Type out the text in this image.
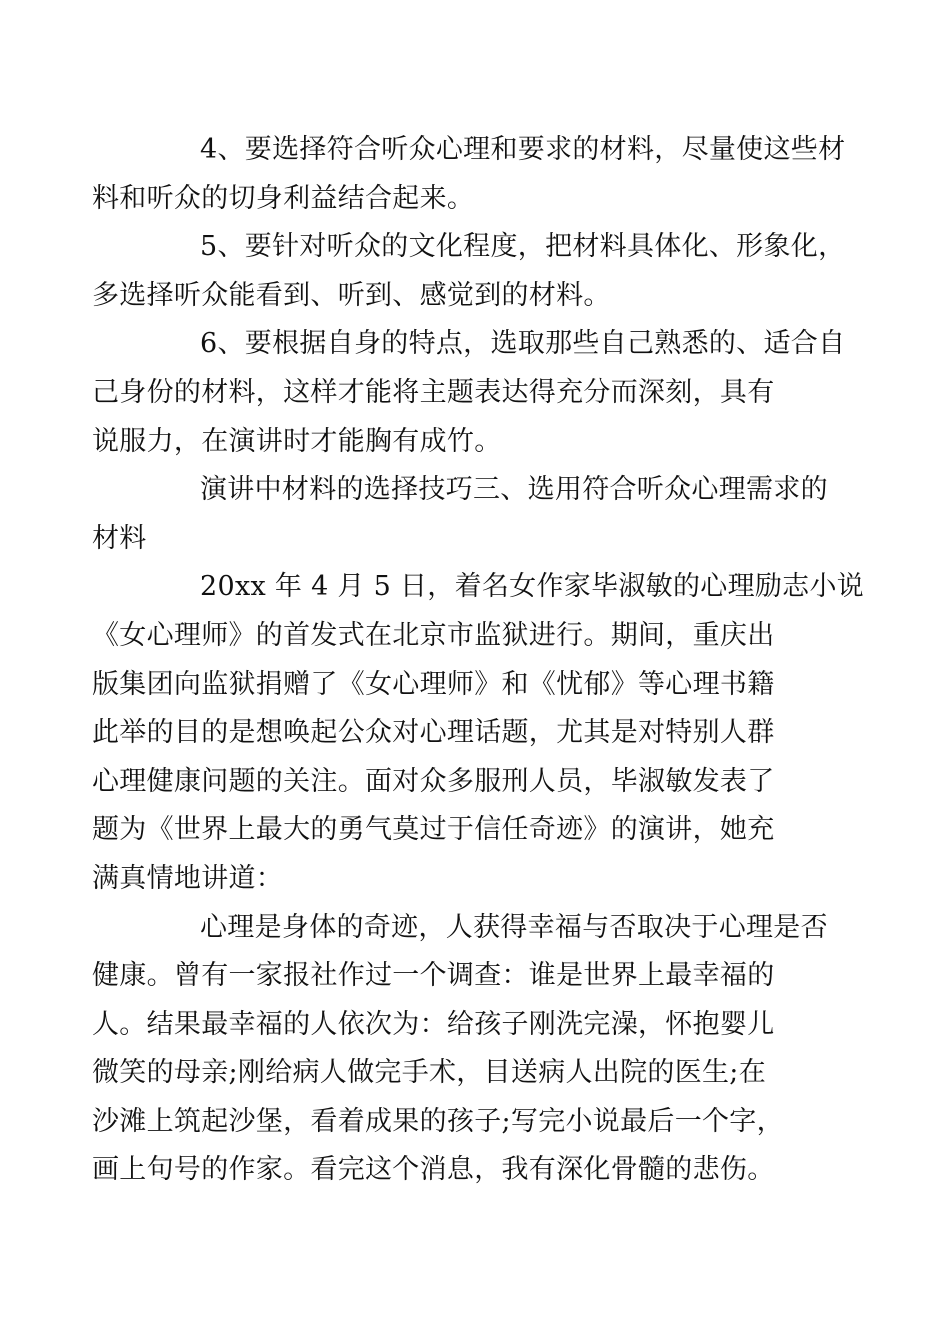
4、要选择符合听众心理和要求的材料，尽量使这些材
料和听众的切身利益结合起来。

5、要针对听众的文化程度，把材料具体化、形象化，
多选择听众能看到、听到、感觉到的材料。

6、要根据自身的特点，选取那些自己熟悉的、适合自
己身份的材料，这样才能将主题表达得充分而深刻，具有
说服力，在演讲时才能胸有成竹。

演讲中材料的选择技巧三、选用符合听众心理需求的
材料

20xx 年 4 月 5 日，着名女作家毕淑敏的心理励志小说
《女心理师》的首发式在北京市监狱进行。期间，重庆出
版集团向监狱捐赠了《女心理师》和《忧郁》等心理书籍
此举的目的是想唤起公众对心理话题，尤其是对特别人群
心理健康问题的关注。面对众多服刑人员，毕淑敏发表了
题为《世界上最大的勇气莫过于信任奇迹》的演讲，她充
满真情地讲道：

心理是身体的奇迹，人获得幸福与否取决于心理是否
健康。曾有一家报社作过一个调查：谁是世界上最幸福的
人。结果最幸福的人依次为：给孩子刚洗完澡，怀抱婴儿
微笑的母亲;刚给病人做完手术，目送病人出院的医生;在
沙滩上筑起沙堡，看着成果的孩子;写完小说最后一个字，
画上句号的作家。看完这个消息，我有深化骨髓的悲伤。
